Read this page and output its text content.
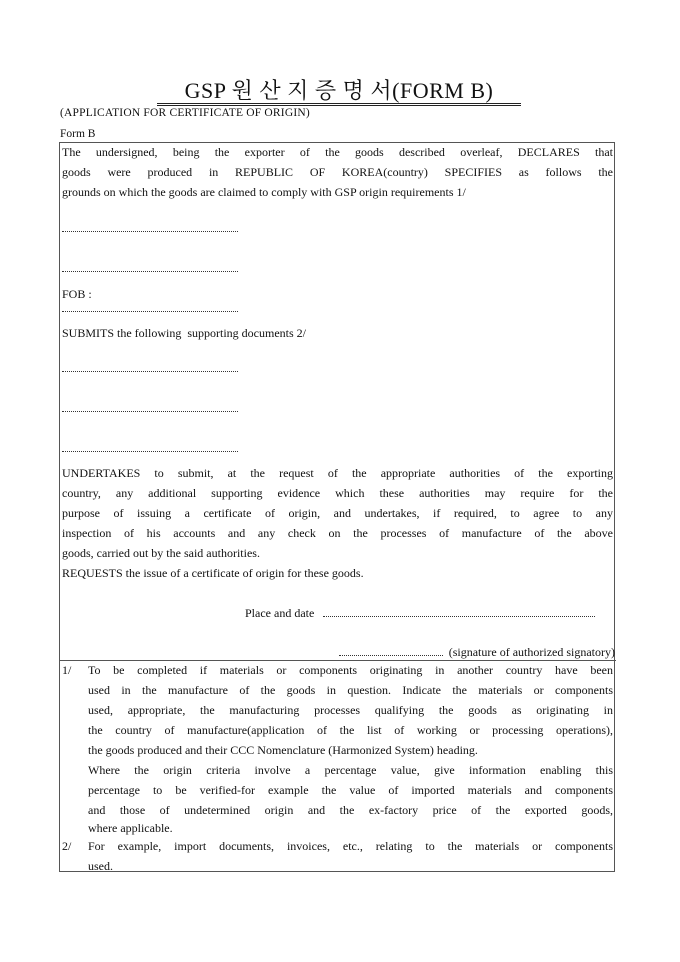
GSP 원 산 지 증 명 서(FORM B)
(APPLICATION FOR CERTIFICATE OF ORIGIN)
Form B
The undersigned, being the exporter of the goods described overleaf, DECLARES that
goods were produced in REPUBLIC OF KOREA(country) SPECIFIES as follows the
grounds on which the goods are claimed to comply with GSP origin requirements 1/
FOB :
SUBMITS the following  supporting documents 2/
UNDERTAKES to submit, at the request of the appropriate authorities of the exporting
country, any additional supporting evidence which these authorities may require for the
purpose of issuing a certificate of origin, and undertakes, if required, to agree to any
inspection of his accounts and any check on the processes of manufacture of the above
goods, carried out by the said authorities.
REQUESTS the issue of a certificate of origin for these goods.
Place and date
(signature of authorized signatory)
1/ To be completed if materials or components originating in another country have been
used in the manufacture of the goods in question. Indicate the materials or components
used, appropriate, the manufacturing processes qualifying the goods as originating in
the country of manufacture(application of the list of working or processing operations),
the goods produced and their CCC Nomenclature (Harmonized System) heading.
Where the origin criteria involve a percentage value, give information enabling this
percentage to be verified-for example the value of imported materials and components
and those of undetermined origin and the ex-factory price of the exported goods,
where applicable.
2/ For example, import documents, invoices, etc., relating to the materials or components
used.
